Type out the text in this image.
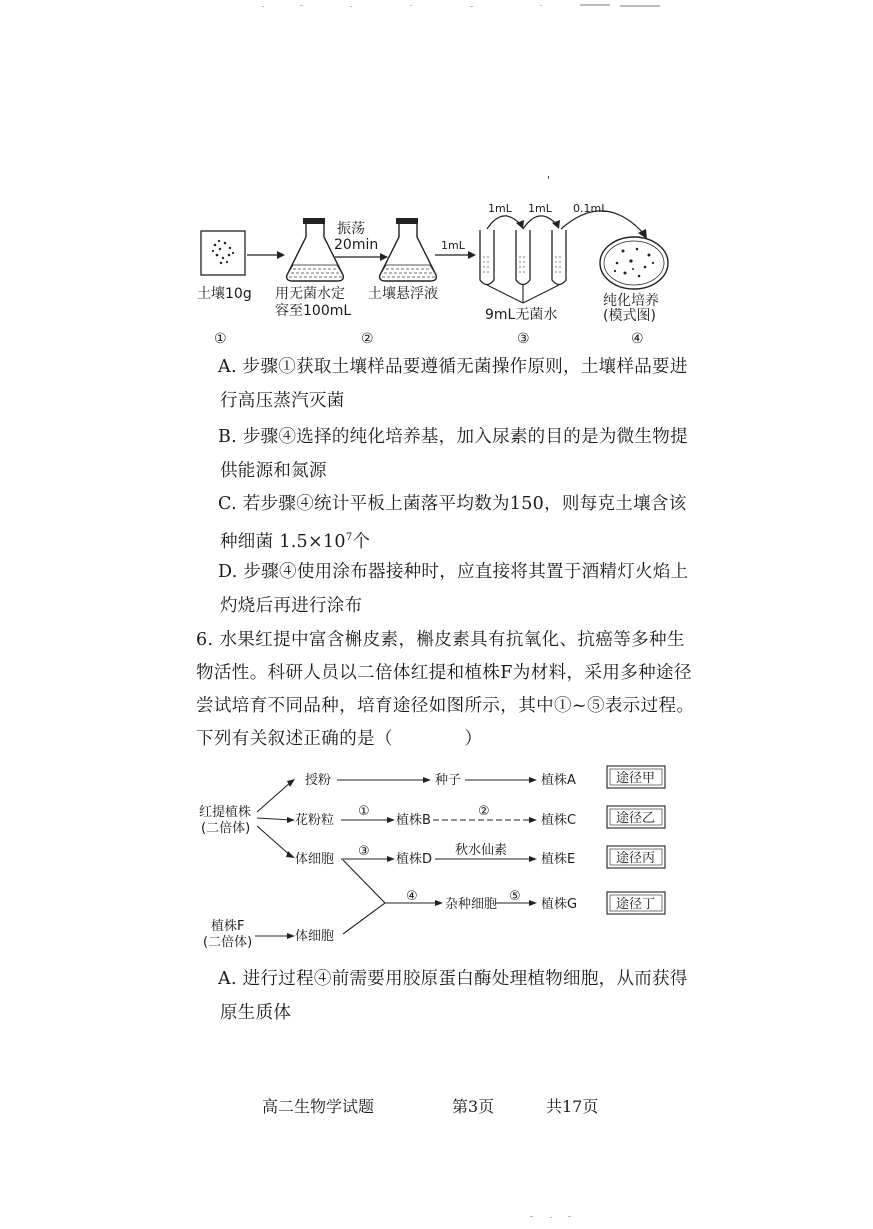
振荡
20min	1mL
1mL 1mL 0.1mL
土壤10g 用无菌水定
容至100mL
土壤悬浮液
9mL无菌水
纯化培养
(模式图)
①	②	③	④
'
A. 步骤①获取土壤样品要遵循无菌操作原则，土壤样品要进
行高压蒸汽灭菌
B. 步骤④选择的纯化培养基，加入尿素的目的是为微生物提
供能源和氮源
C. 若步骤④统计平板上菌落平均数为150，则每克土壤含该
种细菌 $1.5\times 10^7$个
D. 步骤④使用涂布器接种时，应直接将其置于酒精灯火焰上
灼烧后再进行涂布
6. 水果红提中富含槲皮素，槲皮素具有抗氧化、抗癌等多种生
物活性。科研人员以二倍体红提和植株F为材料，采用多种途径
尝试培育不同品种，培育途径如图所示，其中①~⑤表示过程。
下列有关叙述正确的是（　　　　）
红提植株
(二倍体)
植株F
(二倍体)
授粉	种子	植株A
花粉粒	植株B	植株C
体细胞	植株D
秋水仙素
植株E
杂种细胞	植株G
体细胞
①	②
③
④	⑤
途径甲
途径乙
途径丙
途径丁
A. 进行过程④前需要用胶原蛋白酶处理植物细胞，从而获得
原生质体
高二生物学试题	第3页	共17页
